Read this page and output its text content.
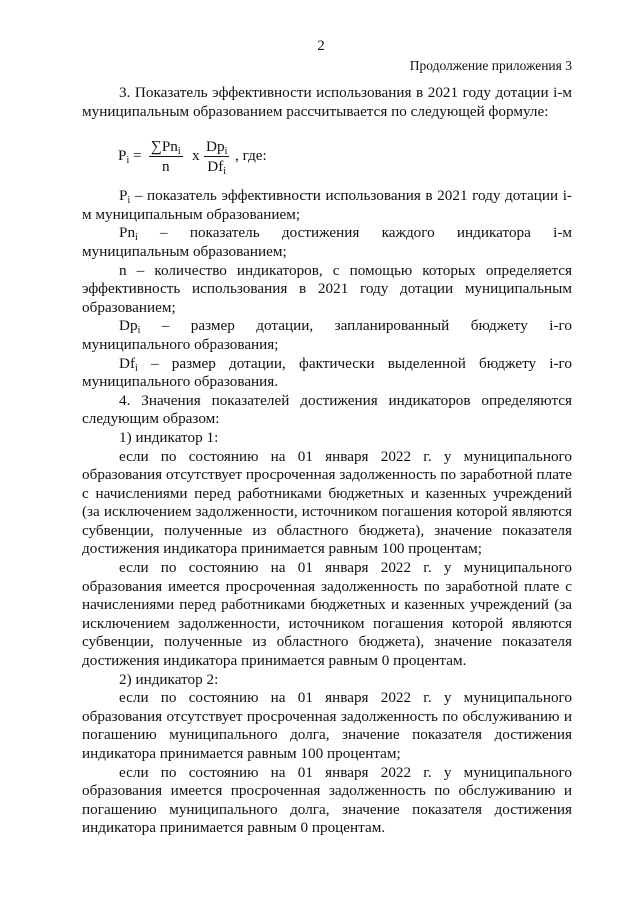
2
Продолжение приложения 3

3. Показатель эффективности использования в 2021 году дотации i-м муниципальным образованием рассчитывается по следующей формуле:

$P_i$ =
$\sum Pn_i$
n
x
$Dp_i$
$Df_i$
, где:

$P_i$ – показатель эффективности использования в 2021 году дотации i-м муниципальным образованием;

$Pn_i$ – показатель достижения каждого индикатора i-м муниципальным образованием;

n – количество индикаторов, с помощью которых определяется эффективность использования в 2021 году дотации муниципальным образованием;

$Dp_i$ – размер дотации, запланированный бюджету i-го муниципального образования;

$Df_i$ – размер дотации, фактически выделенной бюджету i-го муниципального образования.

4. Значения показателей достижения индикаторов определяются следующим образом:

1) индикатор 1:

если по состоянию на 01 января 2022 г. у муниципального образования отсутствует просроченная задолженность по заработной плате с начислениями перед работниками бюджетных и казенных учреждений (за исключением задолженности, источником погашения которой являются субвенции, полученные из областного бюджета), значение показателя достижения индикатора принимается равным 100 процентам;

если по состоянию на 01 января 2022 г. у муниципального образования имеется просроченная задолженность по заработной плате с начислениями перед работниками бюджетных и казенных учреждений (за исключением задолженности, источником погашения которой являются субвенции, полученные из областного бюджета), значение показателя достижения индикатора принимается равным 0 процентам.

2) индикатор 2:

если по состоянию на 01 января 2022 г. у муниципального образования отсутствует просроченная задолженность по обслуживанию и погашению муниципального долга, значение показателя достижения индикатора принимается равным 100 процентам;

если по состоянию на 01 января 2022 г. у муниципального образования имеется просроченная задолженность по обслуживанию и погашению муниципального долга, значение показателя достижения индикатора принимается равным 0 процентам.
